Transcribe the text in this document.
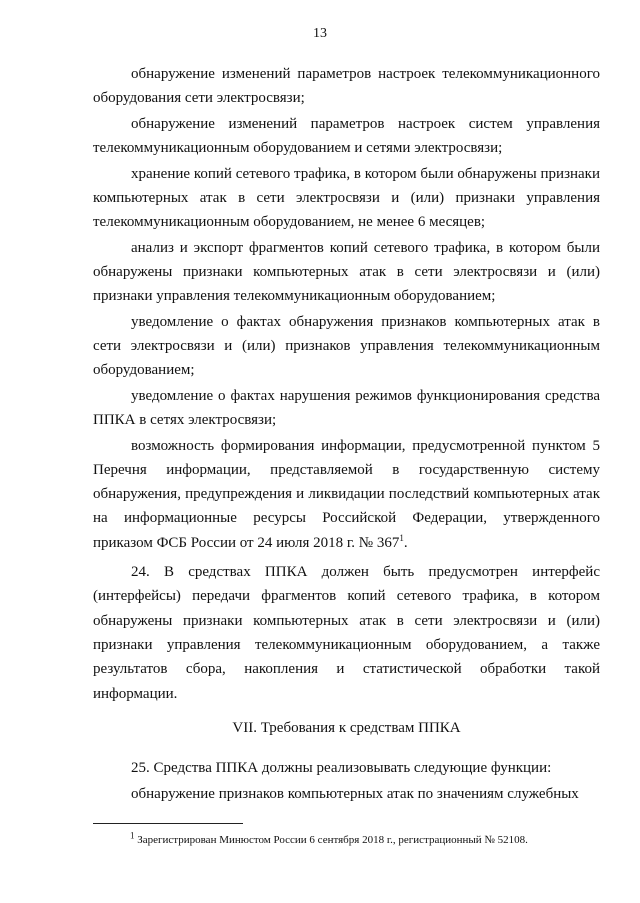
13

обнаружение изменений параметров настроек телекоммуникационного оборудования сети электросвязи;

обнаружение изменений параметров настроек систем управления телекоммуникационным оборудованием и сетями электросвязи;

хранение копий сетевого трафика, в котором были обнаружены признаки компьютерных атак в сети электросвязи и (или) признаки управления телекоммуникационным оборудованием, не менее 6 месяцев;

анализ и экспорт фрагментов копий сетевого трафика, в котором были обнаружены признаки компьютерных атак в сети электросвязи и (или) признаки управления телекоммуникационным оборудованием;

уведомление о фактах обнаружения признаков компьютерных атак в сети электросвязи и (или) признаков управления телекоммуникационным оборудованием;

уведомление о фактах нарушения режимов функционирования средства ППКА в сетях электросвязи;

возможность формирования информации, предусмотренной пунктом 5 Перечня информации, представляемой в государственную систему обнаружения, предупреждения и ликвидации последствий компьютерных атак на информационные ресурсы Российской Федерации, утвержденного приказом ФСБ России от 24 июля 2018 г. № $367^1$.

24. В средствах ППКА должен быть предусмотрен интерфейс (интерфейсы) передачи фрагментов копий сетевого трафика, в котором обнаружены признаки компьютерных атак в сети электросвязи и (или) признаки управления телекоммуникационным оборудованием, а также результатов сбора, накопления и статистической обработки такой информации.

VII. Требования к средствам ППКА

25. Средства ППКА должны реализовывать следующие функции:

обнаружение признаков компьютерных атак по значениям служебных

$^1$ Зарегистрирован Минюстом России 6 сентября 2018 г., регистрационный № 52108.
